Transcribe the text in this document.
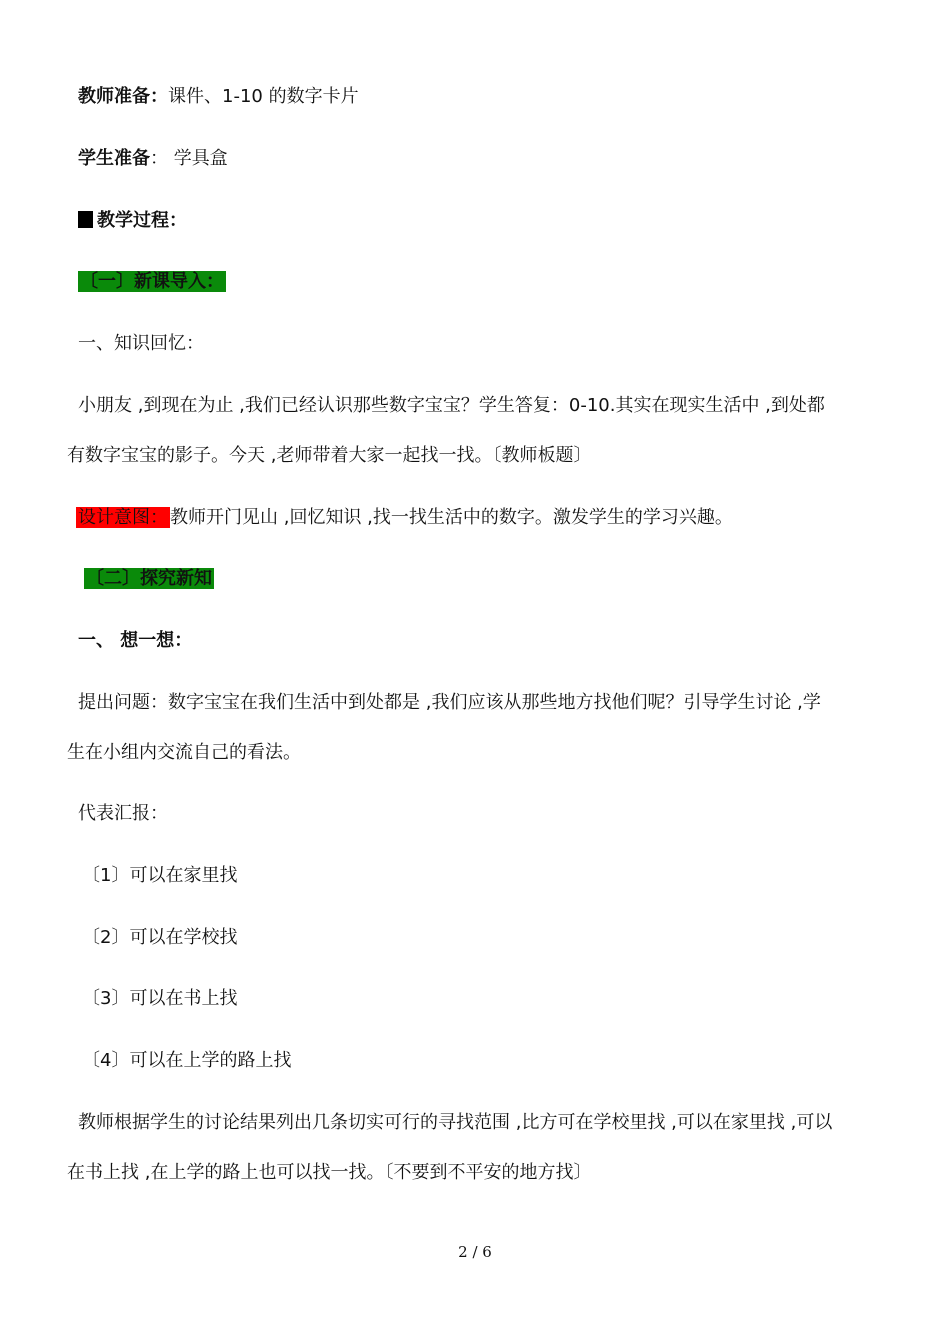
教师准备：课件、1-10 的数字卡片
学生准备： 学具盒
教学过程：
〔一〕新课导入：
一、知识回忆：
小朋友 ,到现在为止 ,我们已经认识那些数字宝宝？学生答复：0-10.其实在现实生活中 ,到处都
有数字宝宝的影子。今天 ,老师带着大家一起找一找。〔教师板题〕
设计意图： 教师开门见山 ,回忆知识 ,找一找生活中的数字。激发学生的学习兴趣。
〔二〕探究新知
一、 想一想：
提出问题：数字宝宝在我们生活中到处都是 ,我们应该从那些地方找他们呢？引导学生讨论 ,学
生在小组内交流自己的看法。
代表汇报：
〔1〕可以在家里找
〔2〕可以在学校找
〔3〕可以在书上找
〔4〕可以在上学的路上找
教师根据学生的讨论结果列出几条切实可行的寻找范围 ,比方可在学校里找 ,可以在家里找 ,可以
在书上找 ,在上学的路上也可以找一找。〔不要到不平安的地方找〕
2 / 6
